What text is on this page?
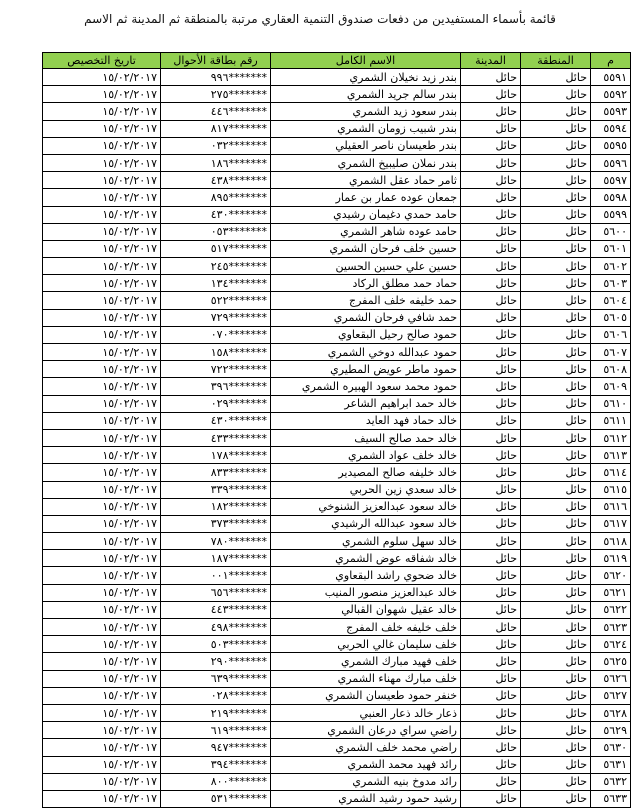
قائمة بأسماء المستفيدين من دفعات صندوق التنمية العقاري مرتبة بالمنطقة ثم المدينة ثم الاسم
م	المنطقة	المدينة	الاسم الكامل	رقم بطاقة الأحوال	تاريخ التخصيص
٥٥٩١	حائل	حائل	بندر زيد نخيلان الشمري	*******٩٩٦	١٥/٠٢/٢٠١٧
٥٥٩٢	حائل	حائل	بندر سالم جريد الشمري	*******٢٧٥	١٥/٠٢/٢٠١٧
٥٥٩٣	حائل	حائل	بندر سعود زيد الشمري	*******٤٤٦	١٥/٠٢/٢٠١٧
٥٥٩٤	حائل	حائل	بندر شبيب زومان الشمري	*******٨١٧	١٥/٠٢/٢٠١٧
٥٥٩٥	حائل	حائل	بندر طعيسان ناصر العقيلي	*******٠٣٢	١٥/٠٢/٢٠١٧
٥٥٩٦	حائل	حائل	بندر نملان صليبيخ الشمري	*******١٨٦	١٥/٠٢/٢٠١٧
٥٥٩٧	حائل	حائل	ثامر حماد عقل الشمري	*******٤٣٨	١٥/٠٢/٢٠١٧
٥٥٩٨	حائل	حائل	جمعان عوده عمار بن عمار	*******٨٩٥	١٥/٠٢/٢٠١٧
٥٥٩٩	حائل	حائل	حامد حمدي دغيمان رشيدي	*******٤٣٠	١٥/٠٢/٢٠١٧
٥٦٠٠	حائل	حائل	حامد عوده شاهر الشمري	*******٠٥٣	١٥/٠٢/٢٠١٧
٥٦٠١	حائل	حائل	حسين خلف فرحان الشمري	*******٥١٧	١٥/٠٢/٢٠١٧
٥٦٠٢	حائل	حائل	حسين علي حسين الحسين	*******٢٤٥	١٥/٠٢/٢٠١٧
٥٦٠٣	حائل	حائل	حماد حمد مطلق الركاد	*******١٣٤	١٥/٠٢/٢٠١٧
٥٦٠٤	حائل	حائل	حمد خليفه خلف المفرج	*******٥٢٢	١٥/٠٢/٢٠١٧
٥٦٠٥	حائل	حائل	حمد شافي فرحان الشمري	*******٧٢٩	١٥/٠٢/٢٠١٧
٥٦٠٦	حائل	حائل	حمود صالح رحيل البقعاوي	*******٠٧٠	١٥/٠٢/٢٠١٧
٥٦٠٧	حائل	حائل	حمود عبدالله دوخي الشمري	*******١٥٨	١٥/٠٢/٢٠١٧
٥٦٠٨	حائل	حائل	حمود ماطر عويض المطيري	*******٧٢٢	١٥/٠٢/٢٠١٧
٥٦٠٩	حائل	حائل	حمود محمد سعود الهبيره الشمري	*******٣٩٦	١٥/٠٢/٢٠١٧
٥٦١٠	حائل	حائل	خالد حمد ابراهيم الشاعر	*******٠٢٩	١٥/٠٢/٢٠١٧
٥٦١١	حائل	حائل	خالد حماد فهد العايد	*******٤٣٠	١٥/٠٢/٢٠١٧
٥٦١٢	حائل	حائل	خالد حمد صالح السيف	*******٤٣٣	١٥/٠٢/٢٠١٧
٥٦١٣	حائل	حائل	خالد خلف عواد الشمري	*******١٧٨	١٥/٠٢/٢٠١٧
٥٦١٤	حائل	حائل	خالد خليفه صالح المصيدير	*******٨٣٣	١٥/٠٢/٢٠١٧
٥٦١٥	حائل	حائل	خالد سعدي زين الحربي	*******٣٣٩	١٥/٠٢/٢٠١٧
٥٦١٦	حائل	حائل	خالد سعود عبدالعزيز الشنوخي	*******١٨٢	١٥/٠٢/٢٠١٧
٥٦١٧	حائل	حائل	خالد سعود عبدالله الرشيدي	*******٣٧٣	١٥/٠٢/٢٠١٧
٥٦١٨	حائل	حائل	خالد سهل سلوم الشمري	*******٧٨٠	١٥/٠٢/٢٠١٧
٥٦١٩	حائل	حائل	خالد شفاقه عوض الشمري	*******١٨٧	١٥/٠٢/٢٠١٧
٥٦٢٠	حائل	حائل	خالد ضحوي راشد البقعاوي	*******٠٠١	١٥/٠٢/٢٠١٧
٥٦٢١	حائل	حائل	خالد عبدالعزيز منصور المنيب	*******٦٥٦	١٥/٠٢/٢٠١٧
٥٦٢٢	حائل	حائل	خالد عقيل شهوان القبالي	*******٤٤٣	١٥/٠٢/٢٠١٧
٥٦٢٣	حائل	حائل	خلف خليفه خلف المفرج	*******٤٩٨	١٥/٠٢/٢٠١٧
٥٦٢٤	حائل	حائل	خلف سليمان غالي الحربي	*******٥٠٣	١٥/٠٢/٢٠١٧
٥٦٢٥	حائل	حائل	خلف فهيد مبارك الشمري	*******٢٩٠	١٥/٠٢/٢٠١٧
٥٦٢٦	حائل	حائل	خلف مبارك مهناء الشمري	*******٦٣٩	١٥/٠٢/٢٠١٧
٥٦٢٧	حائل	حائل	خنفر حمود طعيسان الشمري	*******٠٢٨	١٥/٠٢/٢٠١٧
٥٦٢٨	حائل	حائل	ذعار خالد ذعار العنبي	*******٢١٩	١٥/٠٢/٢٠١٧
٥٦٢٩	حائل	حائل	راضي سراي درعان الشمري	*******٦١٩	١٥/٠٢/٢٠١٧
٥٦٣٠	حائل	حائل	راضي محمد خلف الشمري	*******٩٤٧	١٥/٠٢/٢٠١٧
٥٦٣١	حائل	حائل	رائد فهيد محمد الشمري	*******٣٩٤	١٥/٠٢/٢٠١٧
٥٦٣٢	حائل	حائل	رائد مدوخ بنيه الشمري	*******٨٠٠	١٥/٠٢/٢٠١٧
٥٦٣٣	حائل	حائل	رشيد حمود رشيد الشمري	*******٥٣١	١٥/٠٢/٢٠١٧
